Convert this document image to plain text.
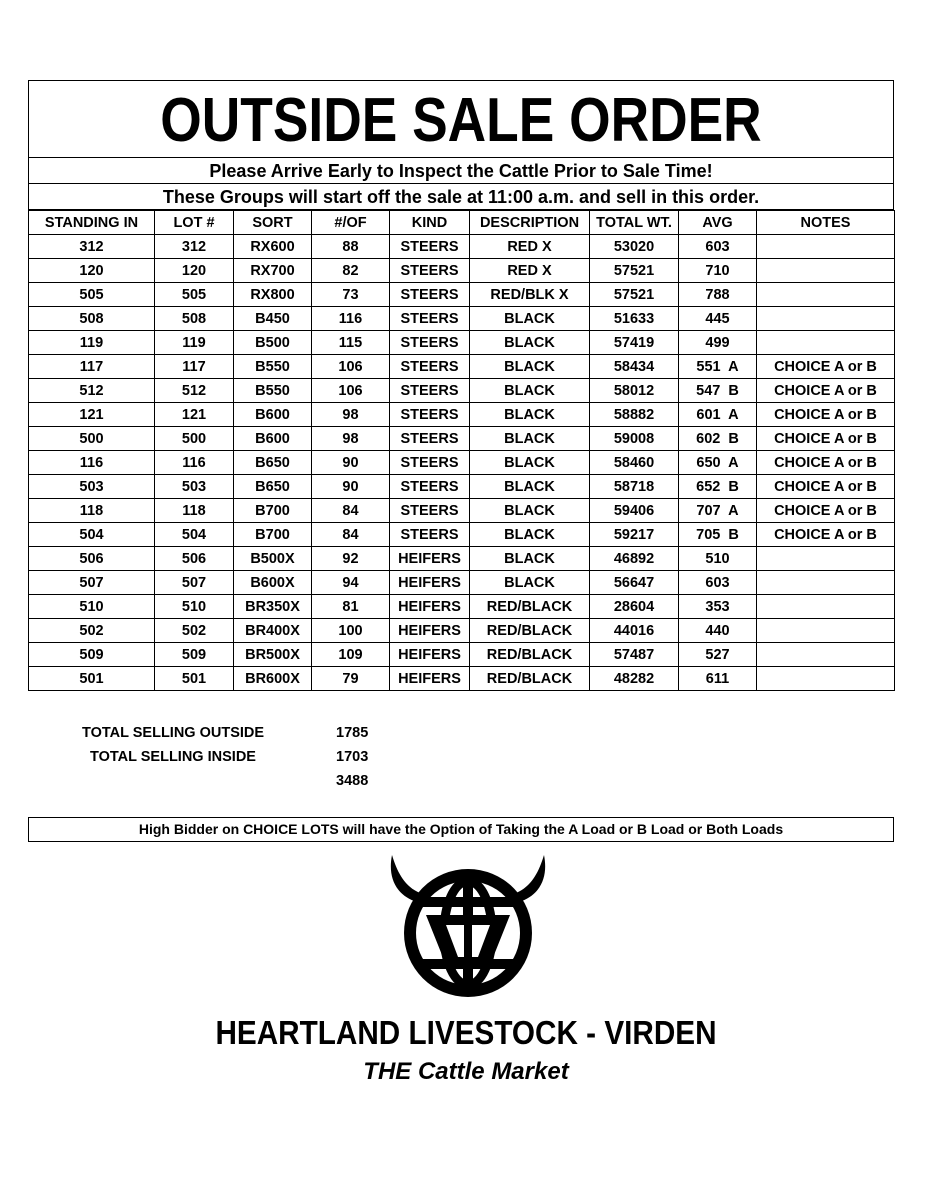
OUTSIDE SALE ORDER
Please Arrive Early to Inspect the Cattle Prior to Sale Time!
These Groups will start off the sale at 11:00 a.m. and sell in this order.
STANDING IN	LOT #	SORT	#/OF	KIND	DESCRIPTION	TOTAL WT.	AVG	NOTES
312	312	RX600	88	STEERS	RED X	53020	603	
120	120	RX700	82	STEERS	RED X	57521	710	
505	505	RX800	73	STEERS	RED/BLK X	57521	788	
508	508	B450	116	STEERS	BLACK	51633	445	
119	119	B500	115	STEERS	BLACK	57419	499	
117	117	B550	106	STEERS	BLACK	58434	551  A	CHOICE A or B
512	512	B550	106	STEERS	BLACK	58012	547  B	CHOICE A or B
121	121	B600	98	STEERS	BLACK	58882	601  A	CHOICE A or B
500	500	B600	98	STEERS	BLACK	59008	602  B	CHOICE A or B
116	116	B650	90	STEERS	BLACK	58460	650  A	CHOICE A or B
503	503	B650	90	STEERS	BLACK	58718	652  B	CHOICE A or B
118	118	B700	84	STEERS	BLACK	59406	707  A	CHOICE A or B
504	504	B700	84	STEERS	BLACK	59217	705  B	CHOICE A or B
506	506	B500X	92	HEIFERS	BLACK	46892	510	
507	507	B600X	94	HEIFERS	BLACK	56647	603	
510	510	BR350X	81	HEIFERS	RED/BLACK	28604	353	
502	502	BR400X	100	HEIFERS	RED/BLACK	44016	440	
509	509	BR500X	109	HEIFERS	RED/BLACK	57487	527	
501	501	BR600X	79	HEIFERS	RED/BLACK	48282	611	
TOTAL SELLING OUTSIDE	1785
TOTAL SELLING INSIDE	1703
3488
High Bidder on CHOICE LOTS will have the Option of Taking the A Load or B Load or Both Loads
HEARTLAND LIVESTOCK - VIRDEN
THE Cattle Market
